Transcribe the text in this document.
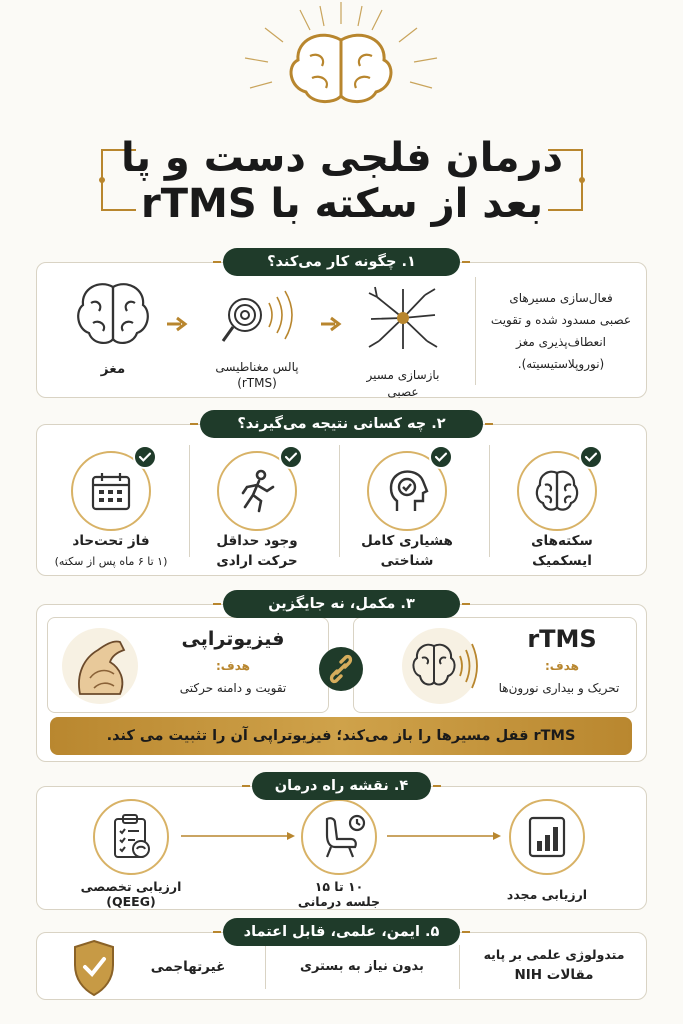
درمان فلجی دست و پا
بعد از سکته با rTMS
۱. چگونه کار می‌کند؟
مغز	پالس مغناطیسی
(rTMS)
بازسازی مسیر عصبی
فعال‌سازی مسیرهای
عصبی مسدود شده و تقویت
انعطاف‌پذیری مغز
(نوروپلاستیسیته).
۲. چه کسانی نتیجه می‌گیرند؟
فاز تحت‌حاد
(۱ تا ۶ ماه پس از سکته)
وجود حداقل
حرکت ارادی
هشیاری کامل
شناختی
سکته‌های
ایسکمیک
۳. مکمل، نه جایگزین
فیزیوتراپی
هدف:
تقویت و دامنه حرکتی
rTMS
هدف:
تحریک و بیداری نورون‌ها
rTMS قفل مسیرها را باز می‌کند؛ فیزیوتراپی آن را تثبیت می کند.
۴. نقشه راه درمان
ارزیابی تخصصی
(QEEG)
۱۰ تا ۱۵
جلسه درمانی	ارزیابی مجدد
۵. ایمن، علمی، قابل اعتماد
غیرتهاجمی	بدون نیاز به بستری
متدولوژی علمی بر پایه
مقالات NIH
